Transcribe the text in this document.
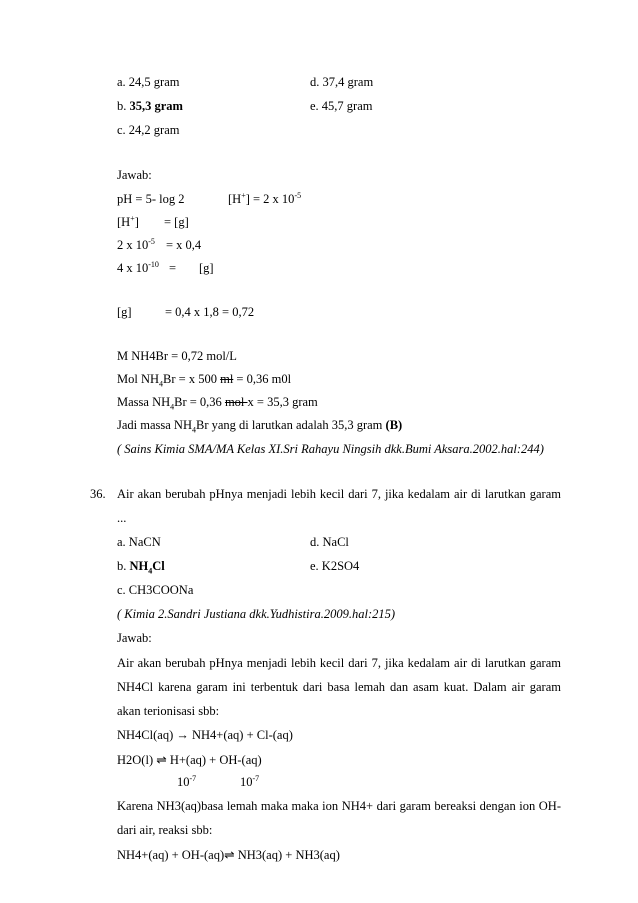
a. 24,5 gram	d. 37,4 gram
b. 35,3 gram	e. 45,7 gram
c. 24,2 gram
Jawab:
pH = 5- log 2	[H+] = 2 x $10^{-5}$
[H+] = [g]
2 x $10^{-5} = x$ 0,4
4 x $10^{-10} = [g]$
[g]	= 0,4 x 1,8 = 0,72
M NH4Br = 0,72 mol/L
Mol $NH_4Br = x$ 500 ml = 0,36 m0l
Massa $NH_4Br = 0,36$ mol x = 35,3 gram
Jadi massa $NH_4Br$ yang di larutkan adalah 35,3 gram (B)
( Sains Kimia SMA/MA Kelas XI.Sri Rahayu Ningsih dkk.Bumi Aksara.2002.hal:244)
36. Air akan berubah pHnya menjadi lebih kecil dari 7, jika kedalam air di larutkan garam
...
a. NaCN	d. NaCl
b. $NH_4Cl$	e. K2SO4
c. CH3COONa
( Kimia 2.Sandri Justiana dkk.Yudhistira.2009.hal:215)
Jawab:
Air akan berubah pHnya menjadi lebih kecil dari 7, jika kedalam air di larutkan garam
NH4Cl karena garam ini terbentuk dari basa lemah dan asam kuat. Dalam air garam
akan terionisasi sbb:
NH4Cl(aq) → NH4+(aq) + Cl-(aq)
H2O(l) ⇌ H+(aq) + OH-(aq)
$10^{-7}$	$10^{-7}$
Karena NH3(aq)basa lemah maka maka ion NH4+ dari garam bereaksi dengan ion OH-
dari air, reaksi sbb:
NH4+(aq) + OH-(aq)⇌ NH3(aq) + NH3(aq)
